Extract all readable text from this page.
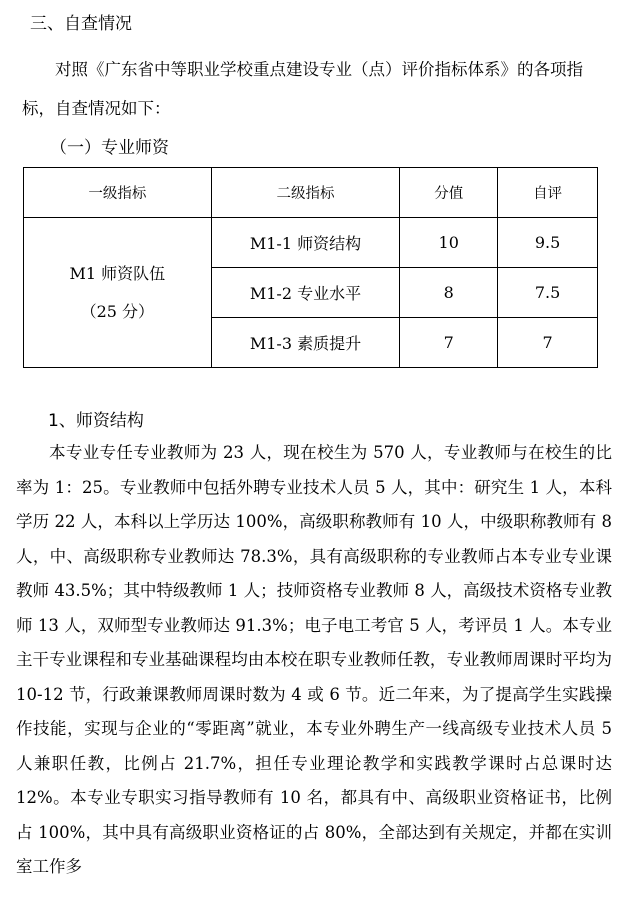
三、自查情况
对照《广东省中等职业学校重点建设专业（点）评价指标体系》的各项指标，自查情况如下：
（一）专业师资
一级指标	二级指标	分值	自评

M1 师资队伍
（25 分）	M1-1 师资结构	10	9.5
	M1-2 专业水平	8	7.5
	M1-3 素质提升	7	7
1、师资结构
本专业专任专业教师为 23 人，现在校生为 570 人，专业教师与在校生的比率为 1：25。专业教师中包括外聘专业技术人员 5 人，其中：研究生 1 人，本科学历 22 人，本科以上学历达 100%，高级职称教师有 10 人，中级职称教师有 8 人，中、高级职称专业教师达 78.3%，具有高级职称的专业教师占本专业专业课教师 43.5%；其中特级教师 1 人；技师资格专业教师 8 人，高级技术资格专业教师 13 人，双师型专业教师达 91.3%；电子电工考官 5 人，考评员 1 人。本专业主干专业课程和专业基础课程均由本校在职专业教师任教，专业教师周课时平均为 10-12 节，行政兼课教师周课时数为 4 或 6 节。近二年来，为了提高学生实践操作技能，实现与企业的“零距离”就业，本专业外聘生产一线高级专业技术人员 5 人兼职任教，比例占 21.7%，担任专业理论教学和实践教学课时占总课时达 12%。本专业专职实习指导教师有 10 名，都具有中、高级职业资格证书，比例占 100%，其中具有高级职业资格证的占 80%，全部达到有关规定，并都在实训室工作多
